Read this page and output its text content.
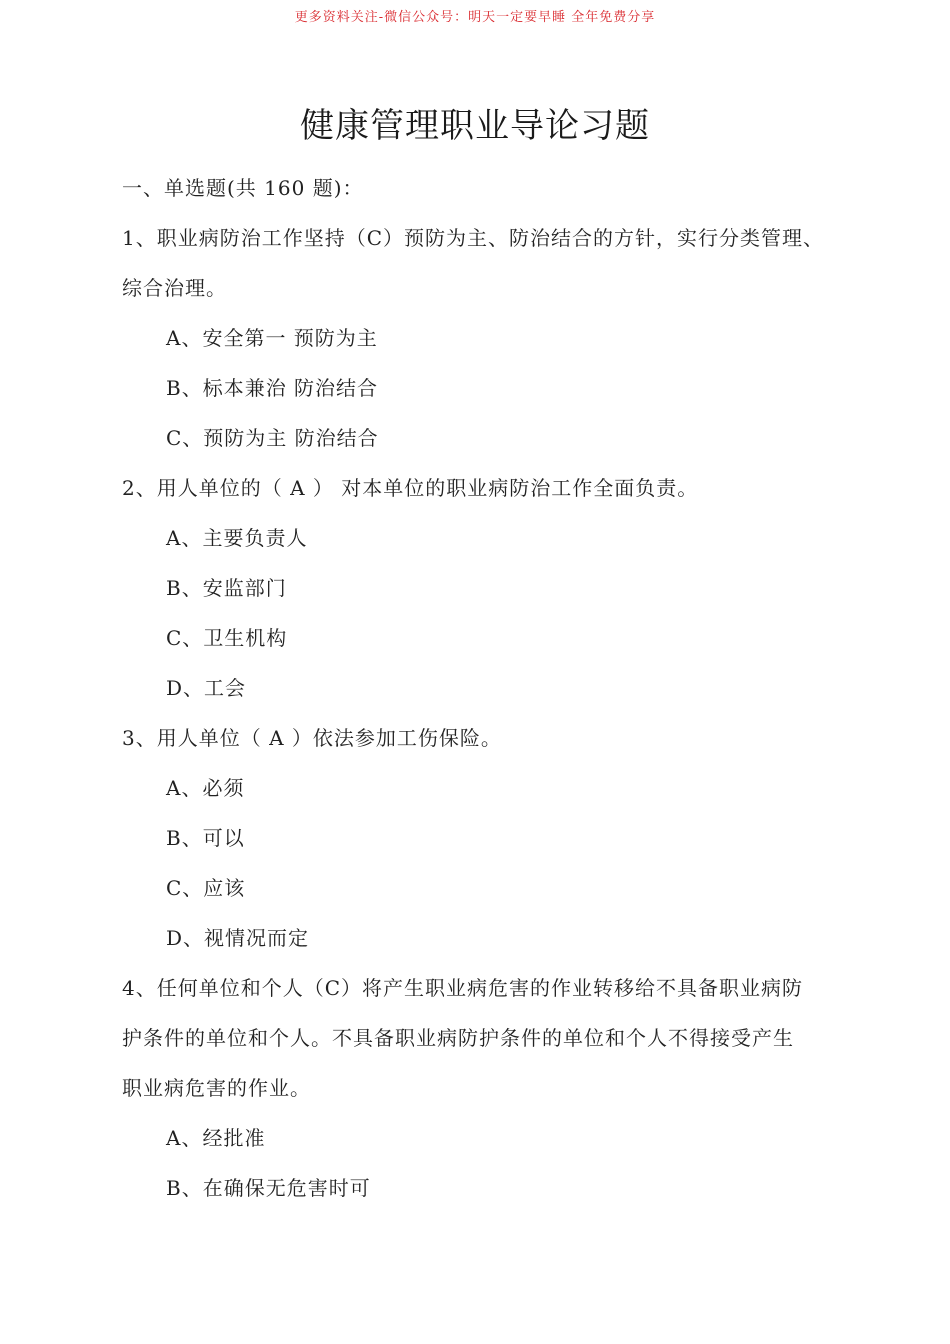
更多资料关注-微信公众号：明天一定要早睡 全年免费分享
健康管理职业导论习题
一、单选题(共 160 题)：
1、职业病防治工作坚持（C）预防为主、防治结合的方针，实行分类管理、
综合治理。
A、安全第一 预防为主
B、标本兼治 防治结合
C、预防为主 防治结合
2、用人单位的（ A ） 对本单位的职业病防治工作全面负责。
A、主要负责人
B、安监部门
C、卫生机构
D、工会
3、用人单位（ A ）依法参加工伤保险。
A、必须
B、可以
C、应该
D、视情况而定
4、任何单位和个人（C）将产生职业病危害的作业转移给不具备职业病防
护条件的单位和个人。不具备职业病防护条件的单位和个人不得接受产生
职业病危害的作业。
A、经批准
B、在确保无危害时可
